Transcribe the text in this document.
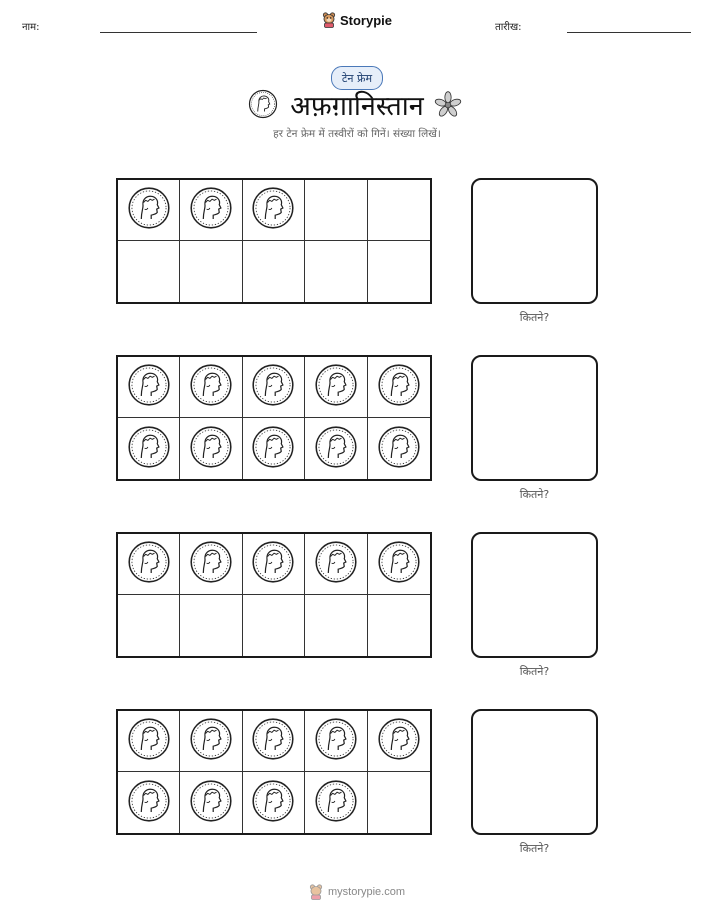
नाम:	Storypie	तारीख:
टेन फ्रेम
अफ़ग़ानिस्तान
हर टेन फ्रेम में तस्वीरों को गिनें। संख्या लिखें।
कितने?
कितने?
कितने?
कितने?
mystorypie.com
